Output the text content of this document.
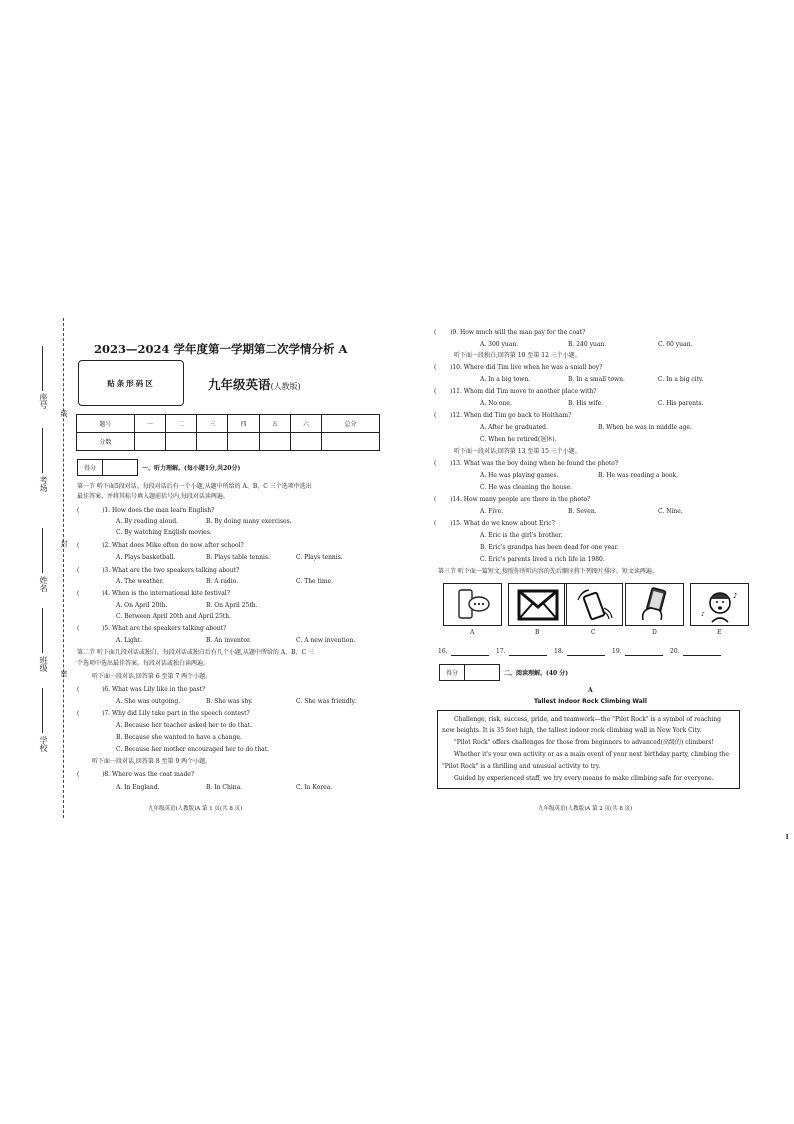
学校
班级
姓名
考场
座号
密
封
线
2023—2024 学年度第一学期第二次学情分析 A
贴条形码区	九年级英语(人教版)
题号	一	二	三	四	五	六	总分
分数							
得分
	一、听力理解。(每小题1分,共20分)
第一节 听下面5段对话。每段对话后有一个小题,从题中所给的 A、B、C 三个选项中选出
最佳答案。并将其标号填入题前括号内,每段对话读两遍。
(	)1. How does the man learn English?
A. By reading aloud.	B. By doing many exercises.
C. By watching English movies.
(	)2. What does Mike often do now after school?
A. Plays basketball.	B. Plays table tennis.	C. Plays tennis.
(	)3. What are the two speakers talking about?
A. The weather.	B. A radio.	C. The time.
(	)4. When is the international kite festival?
A. On April 20th.	B. On April 25th.
C. Between April 20th and April 25th.
(	)5. What are the speakers talking about?
A. Light.	B. An inventor.	C. A new invention.
第二节 听下面几段对话或独白。每段对话或独白后有几个小题,从题中所给的 A、B、C 三
个选项中选出最佳答案。每段对话或独白读两遍。
听下面一段对话,回答第 6 至第 7 两个小题。
(	)6. What was Lily like in the past?
A. She was outgoing.	B. She was shy.	C. She was friendly.
(	)7. Why did Lily take part in the speech contest?
A. Because her teacher asked her to do that.
B. Because she wanted to have a change.
C. Because her mother encouraged her to do that.
听下面一段对话,回答第 8 至第 9 两个小题。
(	)8. Where was the coat made?
A. In England.	B. In China.	C. In Korea.
九年级英语(人教版)A 第 1 页(共 8 页)
( )9. How much will the man pay for the coat?
A. 300 yuan.	B. 240 yuan.	C. 60 yuan.
听下面一段独白,回答第 10 至第 12 三个小题。
( )10. Where did Tim live when he was a small boy?
A. In a big town.	B. In a small town.	C. In a big city.
( )11. Whom did Tim move to another place with?
A. No one.	B. His wife.	C. His parents.
( )12. When did Tim go back to Holtham?
A. After he graduated.	B. When he was in middle age.
C. When he retired(退休).
听下面一段对话,回答第 13 至第 15 三个小题。
( )13. What was the boy doing when he found the photo?
A. He was playing games.	B. He was reading a book.
C. He was cleaning the house.
( )14. How many people are there in the photo?
A. Five.	B. Seven.	C. Nine.
( )15. What do we know about Eric?
A. Eric is the girl's brother.
B. Eric's grandpa has been dead for one year.
C. Eric's parents lived a rich life in 1980.
第三节 听下面一篇短文,按照你所听内容的先后顺序将下列图片排序。短文读两遍。
♪
♪
A	B	C	D	E
16.	17.	18.	19.	20.
得分
	二、阅读理解。(40 分)
A
Tallest Indoor Rock Climbing Wall
Challenge, risk, success, pride, and teamwork—the "Pilot Rock" is a symbol of reaching
new heights. It is 35 feet high, the tallest indoor rock climbing wall in New York City.
"Pilot Rock" offers challenges for those from beginners to advanced(高级的) climbers!
Whether it's your own activity or as a main event of your next birthday party, climbing the
"Pilot Rock" is a thrilling and unusual activity to try.
Guided by experienced staff, we try every means to make climbing safe for everyone.
九年级英语(人教版)A 第 2 页(共 8 页)
1
